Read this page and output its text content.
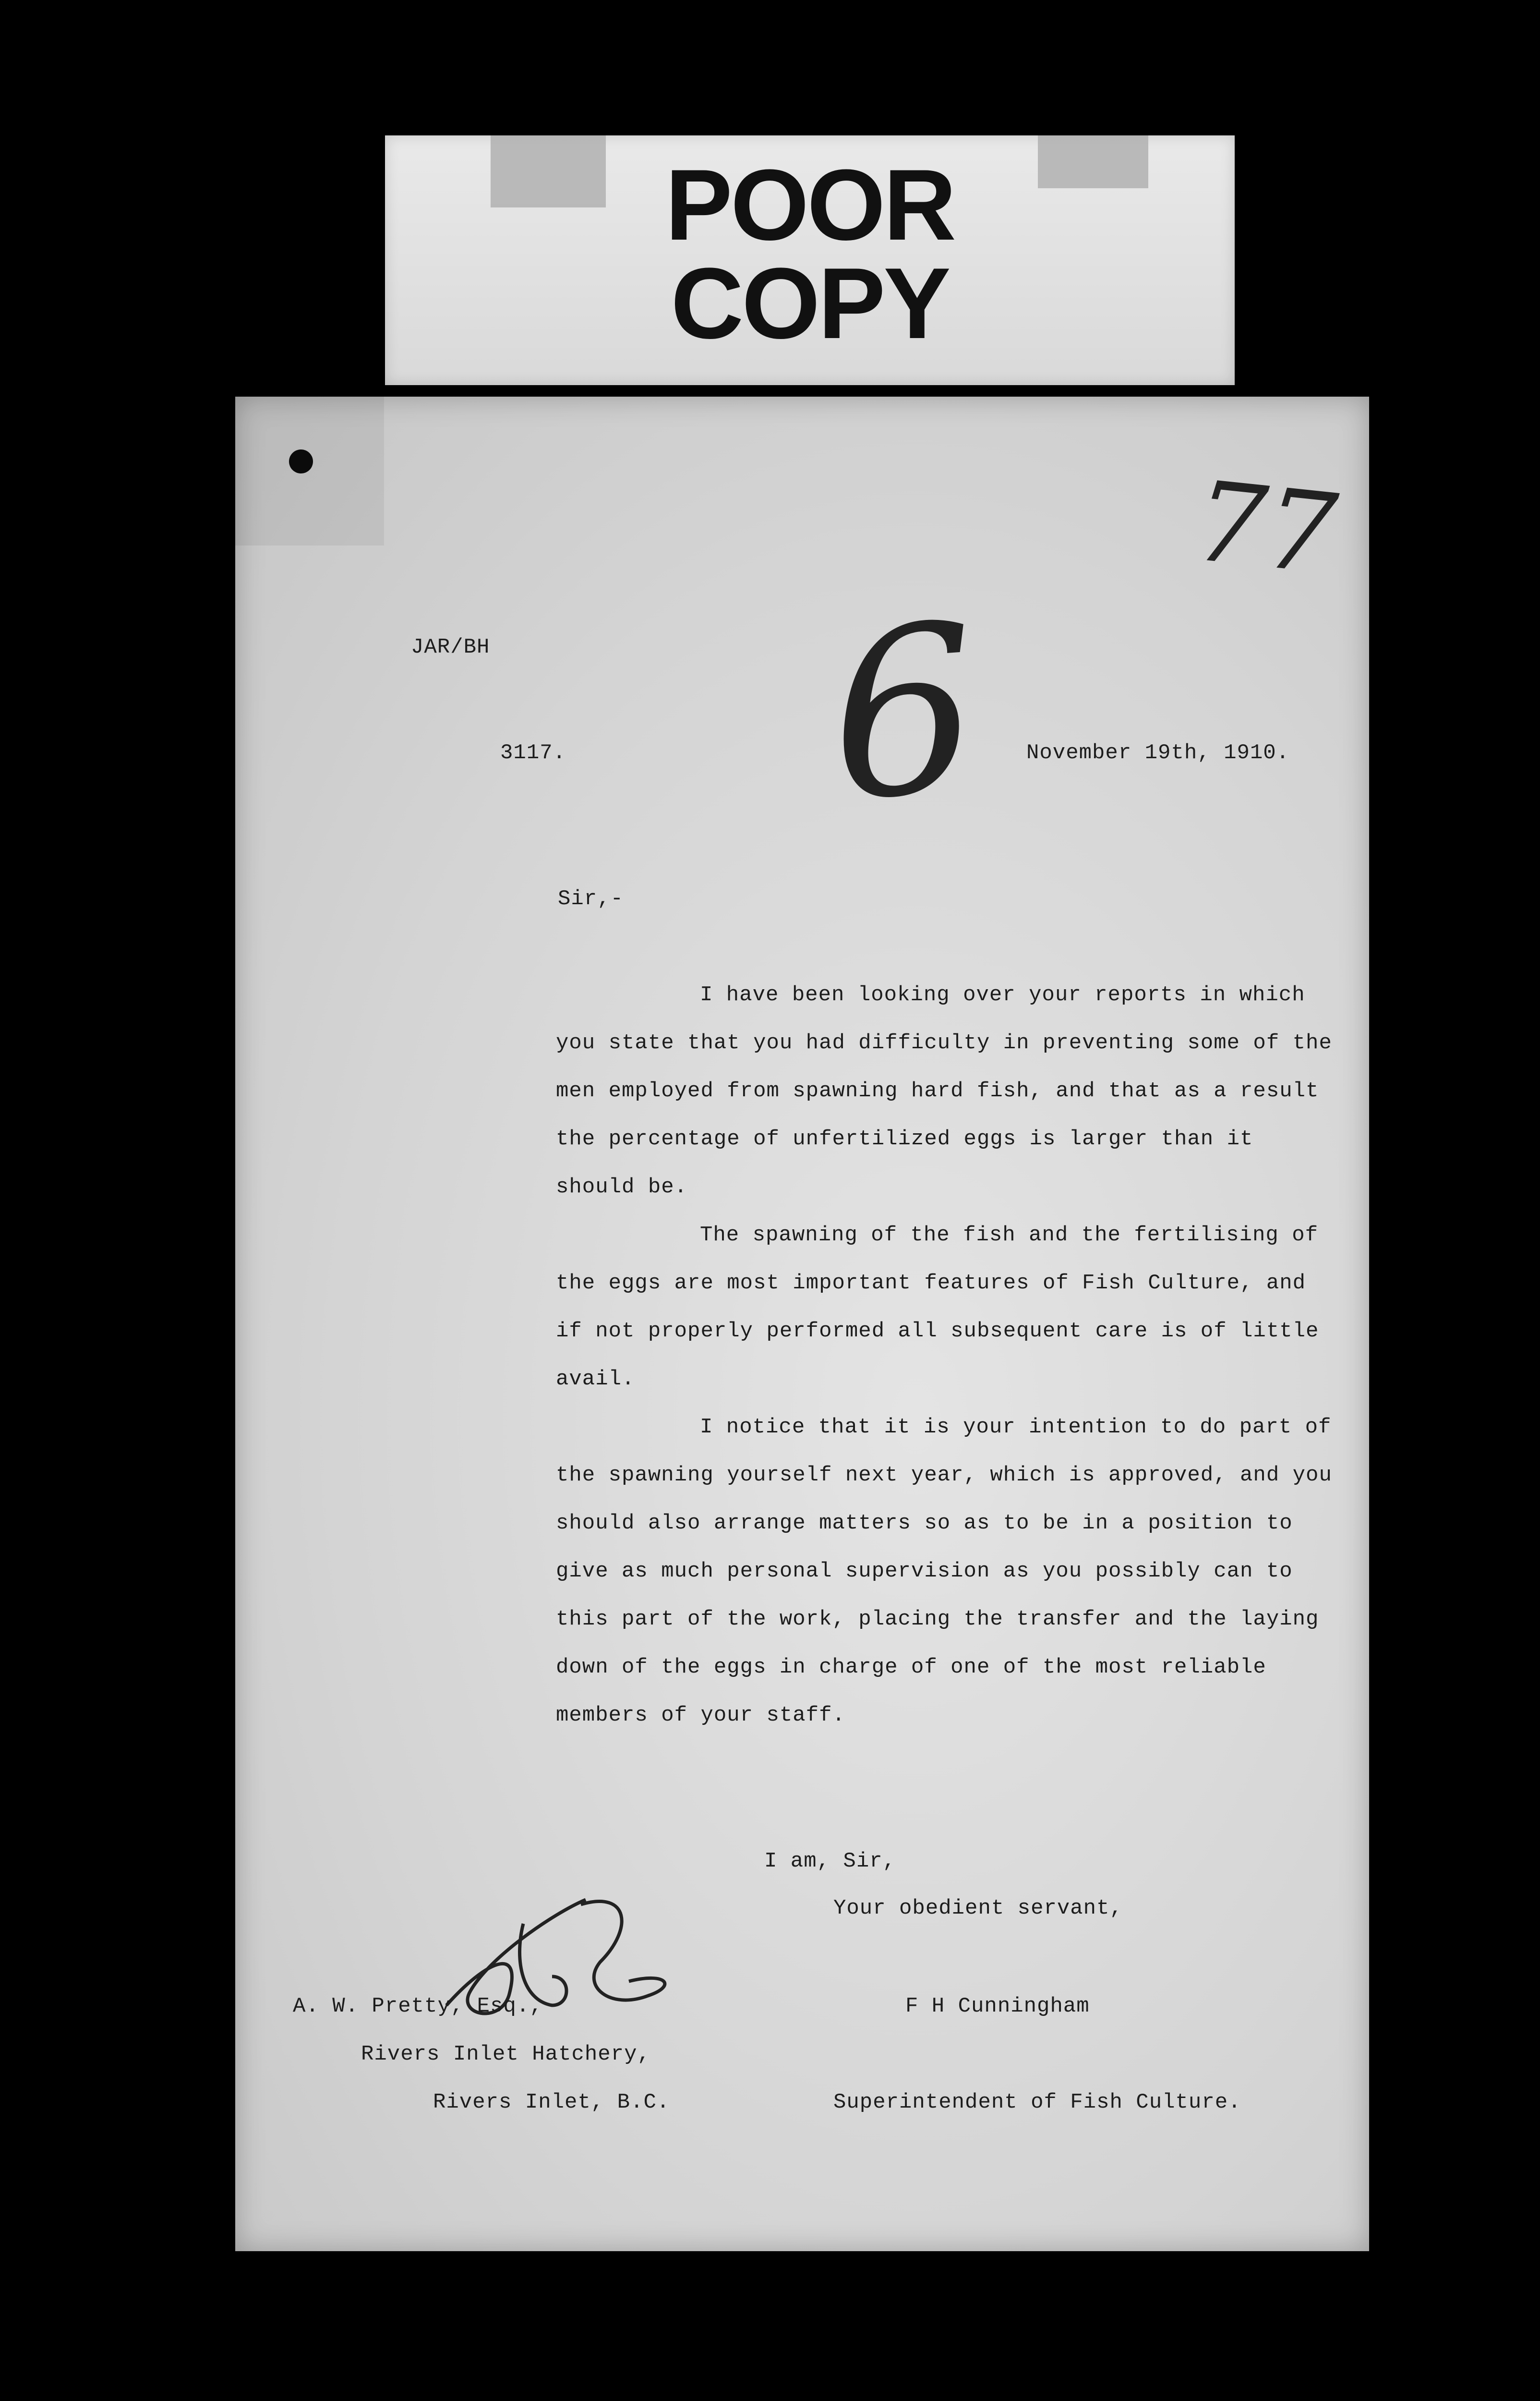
POOR
COPY
77
JAR/BH
3117. 6 November 19th, 1910.
Sir,-

I have been looking over your reports in which you state that you had difficulty in preventing some of the men employed from spawning hard fish, and that as a result the percentage of unfertilized eggs is larger than it should be.

The spawning of the fish and the fertilising of the eggs are most important features of Fish Culture, and if not properly performed all subsequent care is of little avail.

I notice that it is your intention to do part of the spawning yourself next year, which is approved, and you should also arrange matters so as to be in a position to give as much personal supervision as you possibly can to this part of the work, placing the transfer and the laying down of the eggs in charge of one of the most reliable members of your staff.

I am, Sir,
Your obedient servant,
A. W. Pretty, Esq.,
Rivers Inlet Hatchery,
Rivers Inlet, B.C.
F H Cunningham
Superintendent of Fish Culture.
